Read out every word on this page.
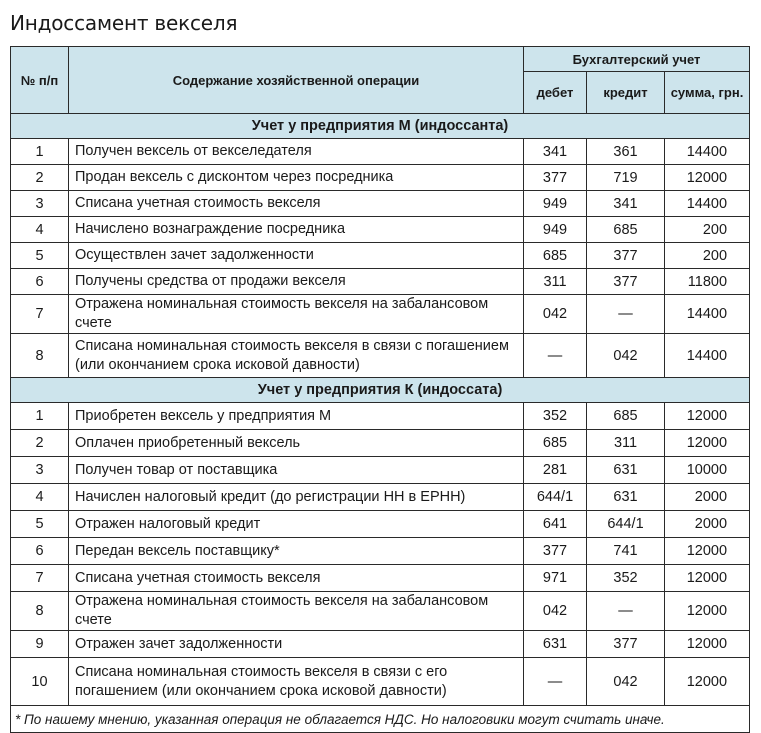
Индоссамент векселя
№ п/п	Содержание хозяйственной операции	Бухгалтерский учет		
		дебет	кредит	сумма, грн.
Учет у предприятия М (индоссанта)				
1	Получен вексель от векселедателя	341	361	14400
2	Продан вексель с дисконтом через посредника	377	719	12000
3	Списана учетная стоимость векселя	949	341	14400
4	Начислено вознаграждение посредника	949	685	200
5	Осуществлен зачет задолженности	685	377	200
6	Получены средства от продажи векселя	311	377	11800
7	Отражена номинальная стоимость векселя на забалансовом счете	042	—	14400
8	Списана номинальная стоимость векселя в связи с погашением (или окончанием срока исковой давности)	—	042	14400
Учет у предприятия К (индоссата)				
1	Приобретен вексель у предприятия М	352	685	12000
2	Оплачен приобретенный вексель	685	311	12000
3	Получен товар от поставщика	281	631	10000
4	Начислен налоговый кредит (до регистрации НН в ЕРНН)	644/1	631	2000
5	Отражен налоговый кредит	641	644/1	2000
6	Передан вексель поставщику*	377	741	12000
7	Списана учетная стоимость векселя	971	352	12000
8	Отражена номинальная стоимость векселя на забалансовом счете	042	—	12000
9	Отражен зачет задолженности	631	377	12000
10	Списана номинальная стоимость векселя в связи с его погашением (или окончанием срока исковой давности)	—	042	12000
* По нашему мнению, указанная операция не облагается НДС. Но налоговики могут считать иначе.				
